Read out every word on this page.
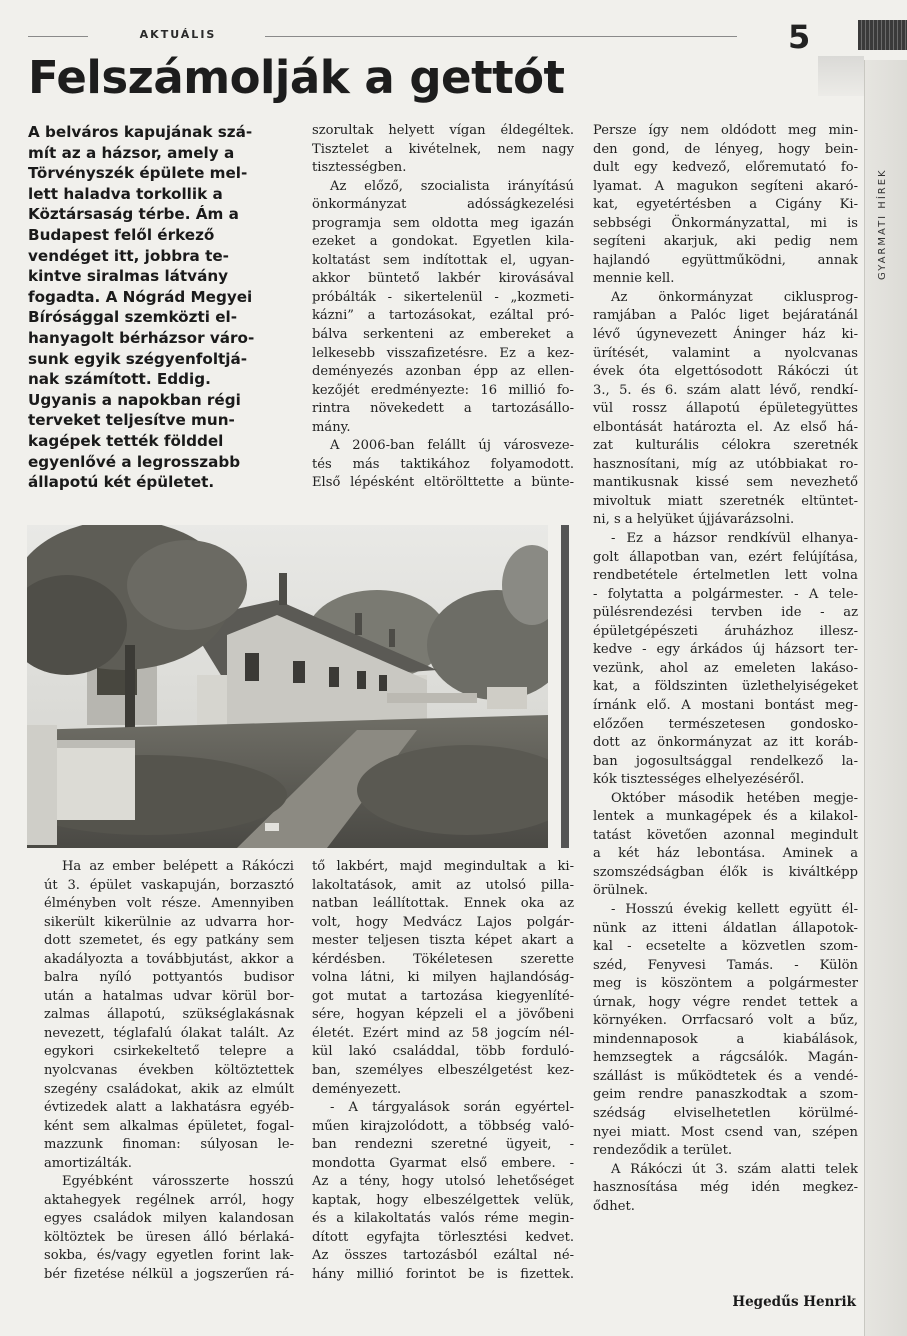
AKTUÁLIS	5
Felszámolják a gettót
A belváros kapujának szá-
mít az a házsor, amely a
Törvényszék épülete mel-
lett haladva torkollik a
Köztársaság térbe. Ám a
Budapest felől érkező
vendéget itt, jobbra te-
kintve siralmas látvány
fogadta. A Nógrád Megyei
Bírósággal szemközti el-
hanyagolt bérházsor váro-
sunk egyik szégyenfoltjá-
nak számított. Eddig.
Ugyanis a napokban régi
terveket teljesítve mun-
kagépek tették földdel
egyenlővé a legrosszabb
állapotú két épületet.
szorultak helyett vígan éldegéltek.
Tisztelet a kivételnek, nem nagy
tisztességben.
Az előző, szocialista irányítású
önkormányzat adósságkezelési
programja sem oldotta meg igazán
ezeket a gondokat. Egyetlen kila-
koltatást sem indítottak el, ugyan-
akkor büntető lakbér kirovásával
próbálták - sikertelenül - „kozmeti-
kázni” a tartozásokat, ezáltal pró-
bálva serkenteni az embereket a
lelkesebb visszafizetésre. Ez a kez-
deményezés azonban épp az ellen-
kezőjét eredményezte: 16 millió fo-
rintra növekedett a tartozásállo-
mány.
A 2006-ban felállt új városveze-
tés más taktikához folyamodott.
Első lépésként eltörölttette a bünte-
Ha az ember belépett a Rákóczi
út 3. épület vaskapuján, borzasztó
élményben volt része. Amennyiben
sikerült kikerülnie az udvarra hor-
dott szemetet, és egy patkány sem
akadályozta a továbbjutást, akkor a
balra nyíló pottyantós budisor
után a hatalmas udvar körül bor-
zalmas állapotú, szükséglakásnak
nevezett, téglafalú ólakat talált. Az
egykori csirkekeltető telepre a
nyolcvanas években költöztettek
szegény családokat, akik az elmúlt
évtizedek alatt a lakhatásra egyéb-
ként sem alkalmas épületet, fogal-
mazzunk finoman: súlyosan le-
amortizálták.
Egyébként városszerte hosszú
aktahegyek regélnek arról, hogy
egyes családok milyen kalandosan
költöztek be üresen álló bérlaká-
sokba, és/vagy egyetlen forint lak-
bér fizetése nélkül a jogszerűen rá-
tő lakbért, majd megindultak a ki-
lakoltatások, amit az utolsó pilla-
natban leállítottak. Ennek oka az
volt, hogy Medvácz Lajos polgár-
mester teljesen tiszta képet akart a
kérdésben. Tökéletesen szerette
volna látni, ki milyen hajlandóság-
got mutat a tartozása kiegyenlíté-
sére, hogyan képzeli el a jövőbeni
életét. Ezért mind az 58 jogcím nél-
kül lakó családdal, több forduló-
ban, személyes elbeszélgetést kez-
deményezett.
- A tárgyalások során egyértel-
műen kirajzolódott, a többség való-
ban rendezni szeretné ügyeit, -
mondotta Gyarmat első embere. -
Az a tény, hogy utolsó lehetőséget
kaptak, hogy elbeszélgettek velük,
és a kilakoltatás valós réme megin-
dított egyfajta törlesztési kedvet.
Az összes tartozásból ezáltal né-
hány millió forintot be is fizettek.
Persze így nem oldódott meg min-
den gond, de lényeg, hogy bein-
dult egy kedvező, előremutató fo-
lyamat. A magukon segíteni akaró-
kat, egyetértésben a Cigány Ki-
sebbségi Önkormányzattal, mi is
segíteni akarjuk, aki pedig nem
hajlandó együttműködni, annak
mennie kell.
Az önkormányzat ciklusprog-
ramjában a Palóc liget bejáratánál
lévő úgynevezett Áninger ház ki-
ürítését, valamint a nyolcvanas
évek óta elgettósodott Rákóczi út
3., 5. és 6. szám alatt lévő, rendkí-
vül rossz állapotú épületegyüttes
elbontását határozta el. Az első há-
zat kulturális célokra szeretnék
hasznosítani, míg az utóbbiakat ro-
mantikusnak kissé sem nevezhető
mivoltuk miatt szeretnék eltüntet-
ni, s a helyüket újjávarázsolni.
- Ez a házsor rendkívül elhanya-
golt állapotban van, ezért felújítása,
rendbetétele értelmetlen lett volna
- folytatta a polgármester. - A tele-
pülésrendezési tervben ide - az
épületgépészeti áruházhoz illesz-
kedve - egy árkádos új házsort ter-
vezünk, ahol az emeleten lakáso-
kat, a földszinten üzlethelyiségeket
írnánk elő. A mostani bontást meg-
előzően természetesen gondosko-
dott az önkormányzat az itt koráb-
ban jogosultsággal rendelkező la-
kók tisztességes elhelyezéséről.
Október második hetében megje-
lentek a munkagépek és a kilakol-
tatást követően azonnal megindult
a két ház lebontása. Aminek a
szomszédságban élők is kiváltképp
örülnek.
- Hosszú évekig kellett együtt él-
nünk az itteni áldatlan állapotok-
kal - ecsetelte a közvetlen szom-
széd, Fenyvesi Tamás. - Külön
meg is köszöntem a polgármester
úrnak, hogy végre rendet tettek a
környéken. Orrfacsaró volt a bűz,
mindennaposok a kiabálások,
hemzsegtek a rágcsálók. Magán-
szállást is működtetek és a vendé-
geim rendre panaszkodtak a szom-
szédság elviselhetetlen körülmé-
nyei miatt. Most csend van, szépen
rendeződik a terület.
A Rákóczi út 3. szám alatti telek
hasznosítása még idén megkez-
ődhet.
Hegedűs Henrik
